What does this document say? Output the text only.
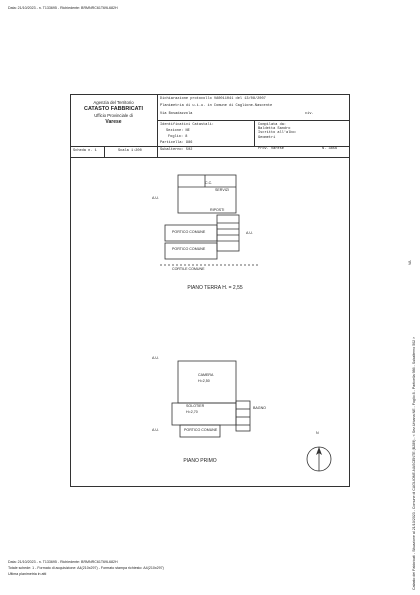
Data: 21/10/2023 - n. T133695 - Richiedente: BRMNRC61T69L682H
Agenzia del Territorio
CATASTO FABBRICATI
Ufficio Provinciale di
Varese
Dichiarazione protocollo VA0011041 del 13/08/2007
Planimetria di u.i.u. in Comune di Caglione-Nascente
Via Bosadazzola	civ.
Identificativi Catastali:
Sezione: NE
Foglio: 8
Particella: 986
Subalterno: 502
Compilata da:
Baldetta Sandro
Iscritto all'albo:
Geometri
Prov. Varese	N. 3856
Scheda n. 1	Scala 1:200
C.C.
SERVIZI
RIPOSTI
PORTICO COMUNE
PORTICO COMUNE
CORTILE COMUNE
A.U.
A.U.
PIANO TERRA H. = 2,55
CAMERA
H=2,50
SOLOTIER
H=2,70
PORTICO COMUNE
A.U.
A.U.
BAGNO
PIANO PRIMO
N
Data: 21/10/2023 - n. T133695 - Richiedente: BRMNRC61T69L682H
Totale schede: 1 - Formato di acquisizione: A4(210x297) - Formato stampa richiesto: A4(210x297)
Ultima planimetria in atti	Catasto dei Fabbricati - Situazione al 21/10/2023 - Comune di CAGLIONE-NASCENTE (B289) - < Sez.Urbana NE - Foglio 8 - Particella 986 - Subalterno 502 >
VA
